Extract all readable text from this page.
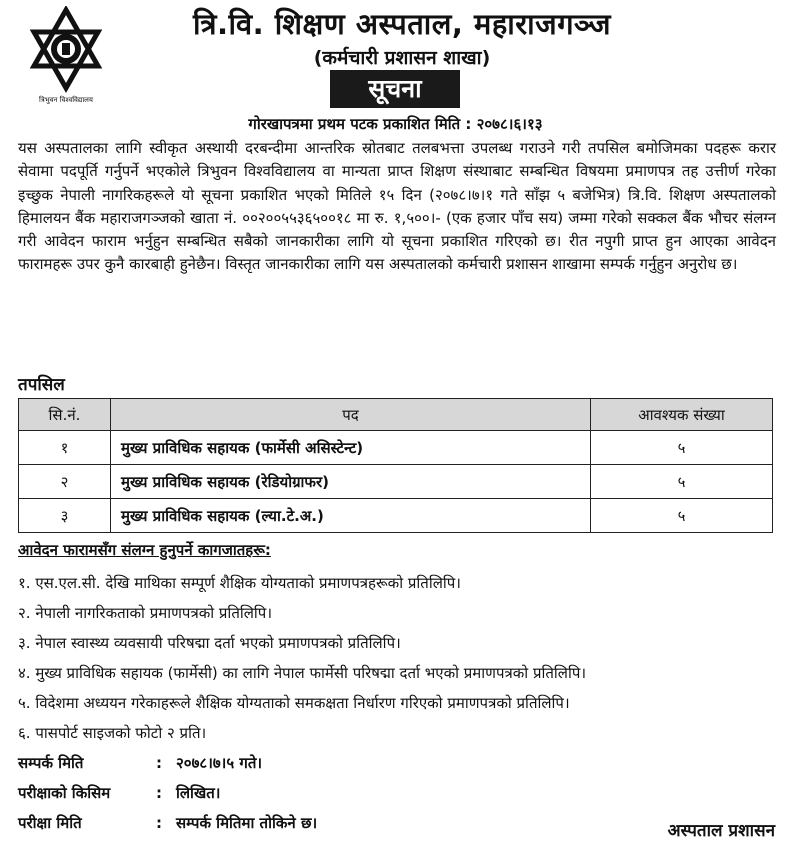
त्रिभुवन विश्वविद्यालय
त्रि.वि. शिक्षण अस्पताल, महाराजगञ्ज
(कर्मचारी प्रशासन शाखा)
सूचना
गोरखापत्रमा प्रथम पटक प्रकाशित मिति : २०७८।६।१३

यस अस्पतालका लागि स्वीकृत अस्थायी दरबन्दीमा आन्तरिक स्रोतबाट तलबभत्ता उपलब्ध गराउने गरी तपसिल बमोजिमका पदहरू करार सेवामा पदपूर्ति गर्नुपर्ने भएकोले त्रिभुवन विश्वविद्यालय वा मान्यता प्राप्त शिक्षण संस्थाबाट सम्बन्धित विषयमा प्रमाणपत्र तह उत्तीर्ण गरेका इच्छुक नेपाली नागरिकहरूले यो सूचना प्रकाशित भएको मितिले १५ दिन (२०७८।७।१ गते साँझ ५ बजेभित्र) त्रि.वि. शिक्षण अस्पतालको हिमालयन बैंक महाराजगञ्जको खाता नं. ००२००५५३६५००१८ मा रु. १,५००।- (एक हजार पाँच सय) जम्मा गरेको सक्कल बैंक भौचर संलग्न गरी आवेदन फाराम भर्नुहुन सम्बन्धित सबैको जानकारीका लागि यो सूचना प्रकाशित गरिएको छ। रीत नपुगी प्राप्त हुन आएका आवेदन फारामहरू उपर कुनै कारबाही हुनेछैन। विस्तृत जानकारीका लागि यस अस्पतालको कर्मचारी प्रशासन शाखामा सम्पर्क गर्नुहुन अनुरोध छ।

तपसिल
सि.नं.	पद	आवश्यक संख्या
१	मुख्य प्राविधिक सहायक (फार्मेसी असिस्टेन्ट)	५
२	मुख्य प्राविधिक सहायक (रेडियोग्राफर)	५
३	मुख्य प्राविधिक सहायक (ल्या.टे.अ.)	५
आवेदन फारामसँग संलग्न हुनुपर्ने कागजातहरू:
१. एस.एल.सी. देखि माथिका सम्पूर्ण शैक्षिक योग्यताको प्रमाणपत्रहरूको प्रतिलिपि।
२. नेपाली नागरिकताको प्रमाणपत्रको प्रतिलिपि।
३. नेपाल स्वास्थ्य व्यवसायी परिषद्मा दर्ता भएको प्रमाणपत्रको प्रतिलिपि।
४. मुख्य प्राविधिक सहायक (फार्मेसी) का लागि नेपाल फार्मेसी परिषद्मा दर्ता भएको प्रमाणपत्रको प्रतिलिपि।
५. विदेशमा अध्ययन गरेकाहरूले शैक्षिक योग्यताको समकक्षता निर्धारण गरिएको प्रमाणपत्रको प्रतिलिपि।
६. पासपोर्ट साइजको फोटो २ प्रति।
सम्पर्क मिति	: २०७८।७।५ गते।
परीक्षाको किसिम	: लिखित।
परीक्षा मिति	: सम्पर्क मितिमा तोकिने छ।	अस्पताल प्रशासन
